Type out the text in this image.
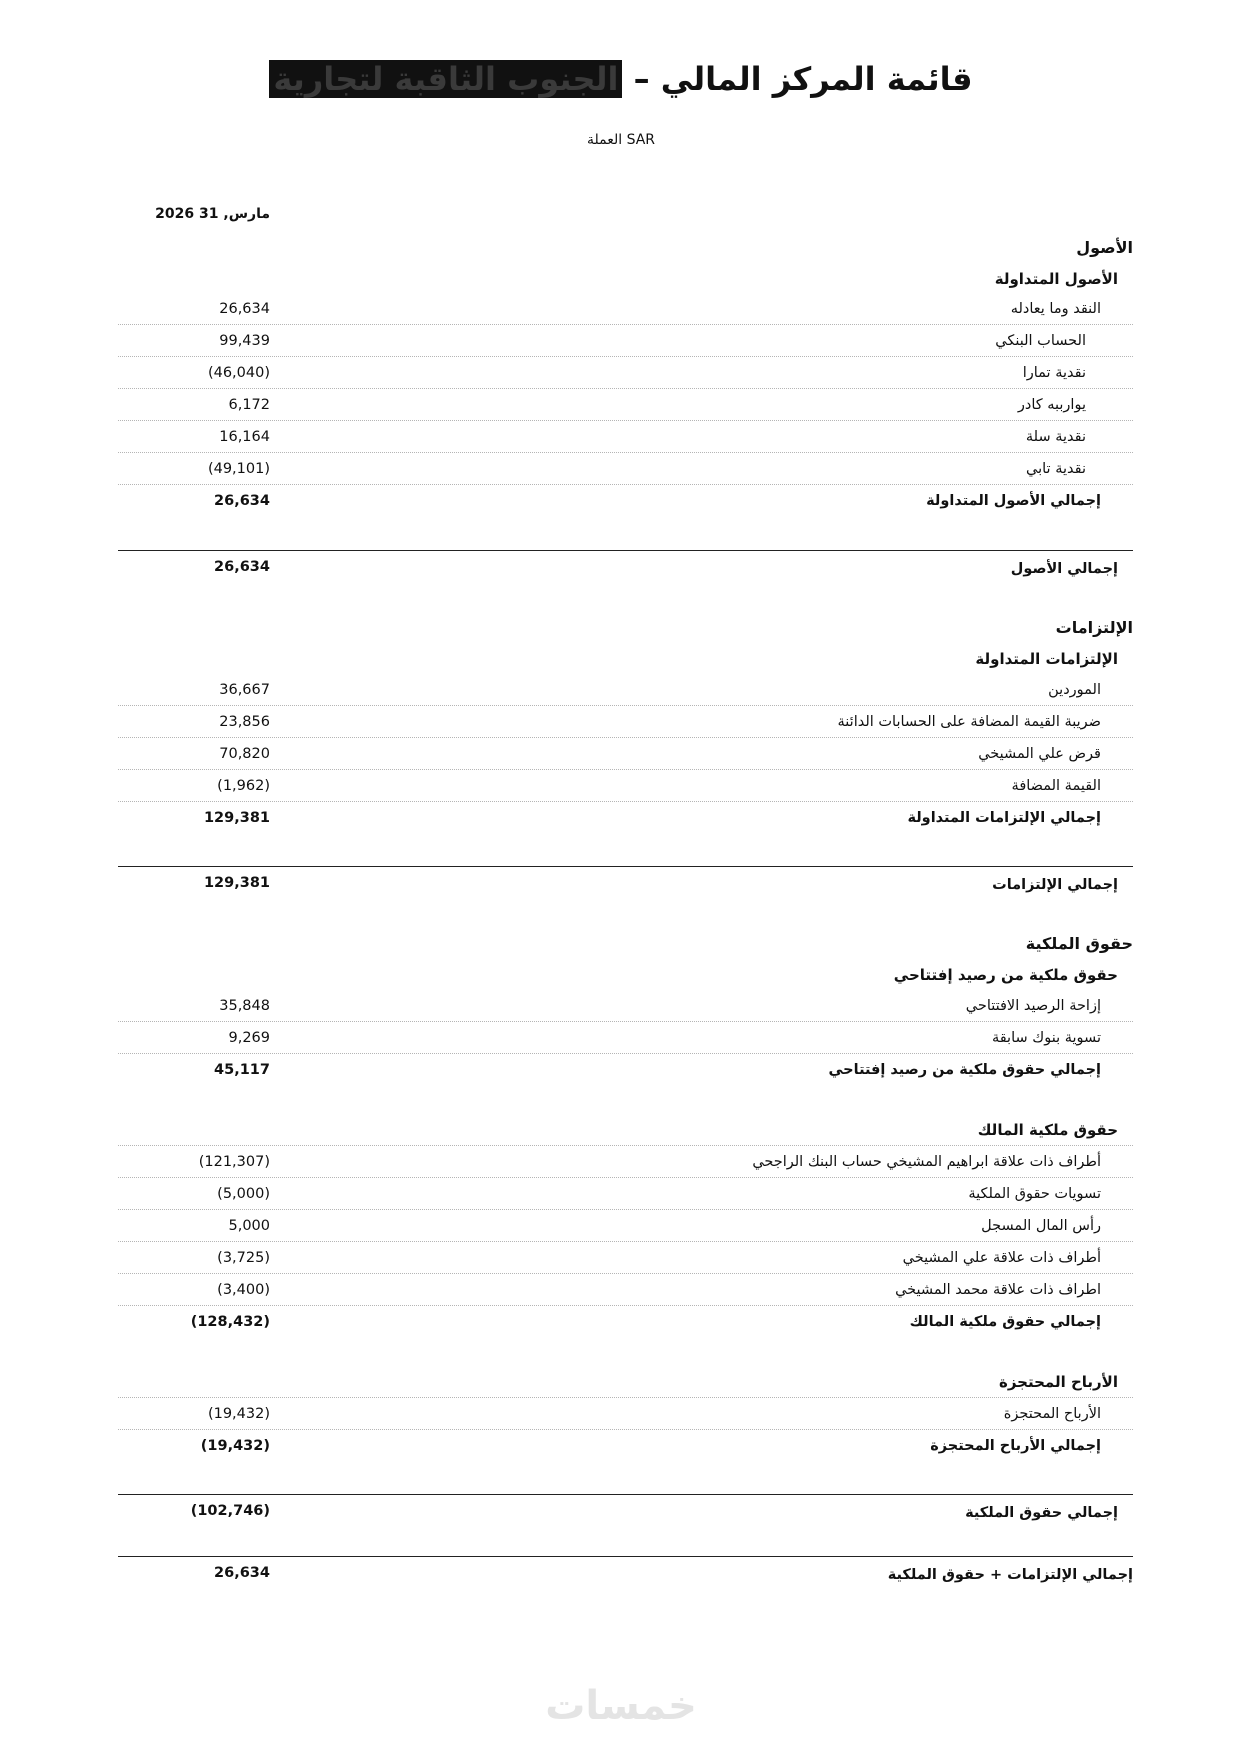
قائمة المركز المالي – الجنوب الثاقبة لتجارية
SAR العملة
مارس, 31 2026
الأصول
الأصول المتداولة
النقد وما يعادله
26,634
الحساب البنكي
99,439
نقدية تمارا
(46,040)
يوارببه كادر
6,172
نقدية سلة
16,164
نقدية تابي
(49,101)
إجمالي الأصول المتداولة
26,634
إجمالي الأصول
26,634
الإلتزامات
الإلتزامات المتداولة
الموردين
36,667
ضريبة القيمة المضافة على الحسابات الدائنة
23,856
قرض علي المشيخي
70,820
القيمة المضافة
(1,962)
إجمالي الإلتزامات المتداولة
129,381
إجمالي الإلتزامات
129,381
حقوق الملكية
حقوق ملكية من رصيد إفتتاحي
إزاحة الرصيد الافتتاحي
35,848
تسوية بنوك سابقة
9,269
إجمالي حقوق ملكية من رصيد إفتتاحي
45,117
حقوق ملكية المالك
أطراف ذات علاقة ابراهيم المشيخي حساب البنك الراجحي
(121,307)
تسويات حقوق الملكية
(5,000)
رأس المال المسجل
5,000
أطراف ذات علاقة علي المشيخي
(3,725)
اطراف ذات علاقة محمد المشيخي
(3,400)
إجمالي حقوق ملكية المالك
(128,432)
الأرباح المحتجزة
الأرباح المحتجزة
(19,432)
إجمالي الأرباح المحتجزة
(19,432)
إجمالي حقوق الملكية
(102,746)
إجمالي الإلتزامات + حقوق الملكية
26,634
خمسات
